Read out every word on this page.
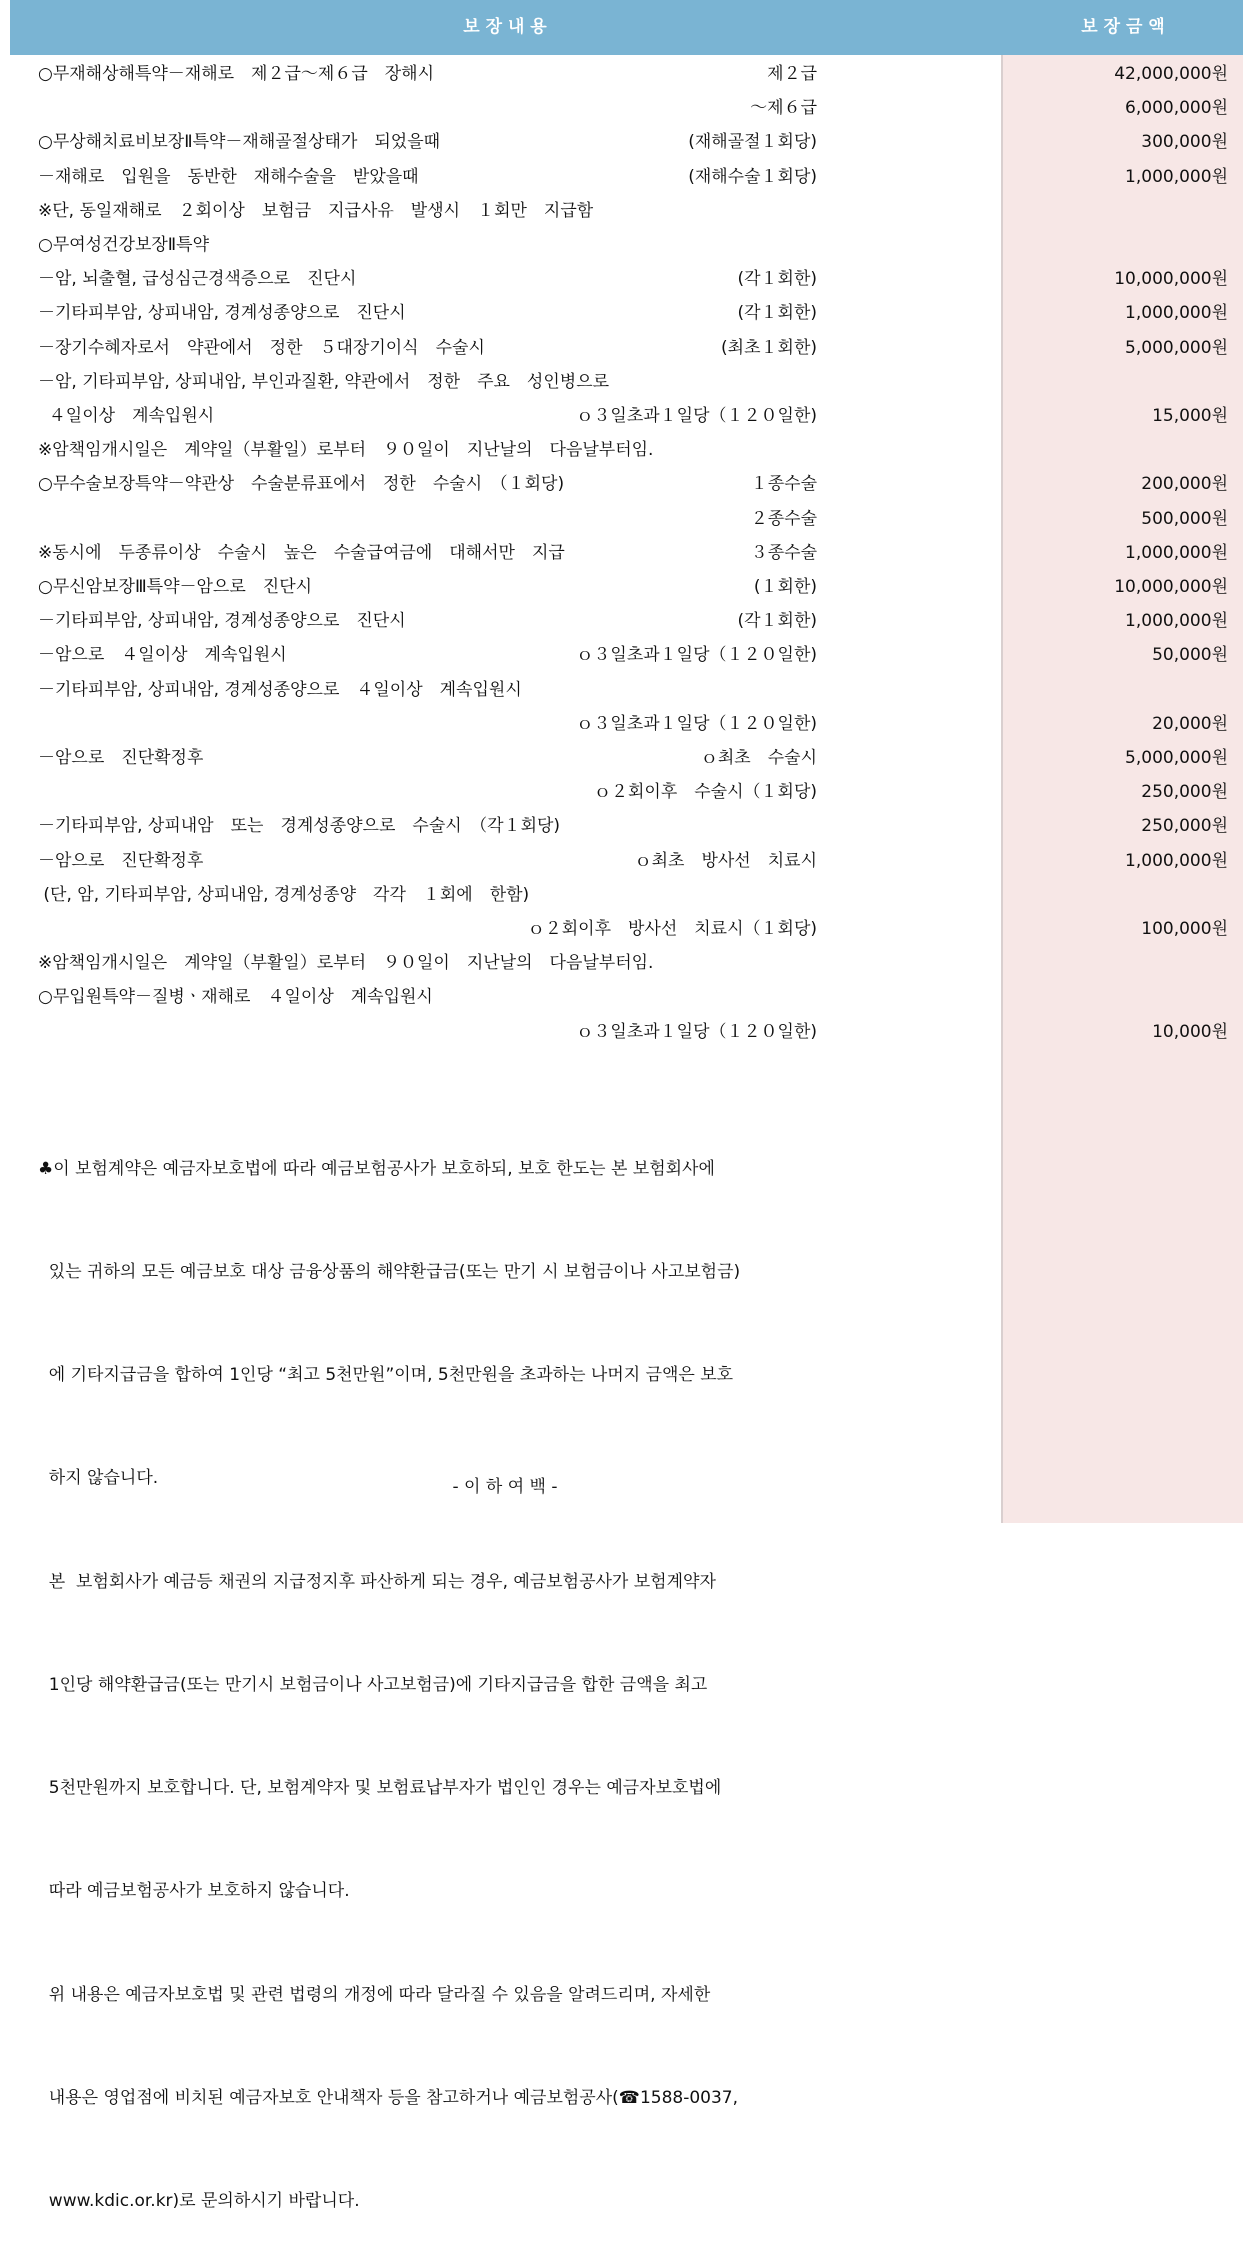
보 장 내 용	보 장 금 액
○무재해상해특약－재해로　제２급～제６급　장해시	제２급	42,000,000원
～제６급	6,000,000원
○무상해치료비보장Ⅱ특약－재해골절상태가　되었을때	(재해골절１회당)	300,000원
－재해로　입원을　동반한　재해수술을　받았을때	(재해수술１회당)	1,000,000원
※단, 동일재해로　２회이상　보험금　지급사유　발생시　１회만　지급함
○무여성건강보장Ⅱ특약
－암, 뇌출혈, 급성심근경색증으로　진단시	(각１회한)	10,000,000원
－기타피부암, 상피내암, 경계성종양으로　진단시	(각１회한)	1,000,000원
－장기수혜자로서　약관에서　정한　５대장기이식　수술시	(최초１회한)	5,000,000원
－암, 기타피부암, 상피내암, 부인과질환, 약관에서　정한　주요　성인병으로
４일이상　계속입원시	ｏ３일초과１일당（１２０일한)	15,000원
※암책임개시일은　계약일（부활일）로부터　９０일이　지난날의　다음날부터임.
○무수술보장특약－약관상　수술분류표에서　정한　수술시　（１회당)	１종수술	200,000원
２종수술	500,000원
※동시에　두종류이상　수술시　높은　수술급여금에　대해서만　지급	３종수술	1,000,000원
○무신암보장Ⅲ특약－암으로　진단시	(１회한)	10,000,000원
－기타피부암, 상피내암, 경계성종양으로　진단시	(각１회한)	1,000,000원
－암으로　４일이상　계속입원시	ｏ３일초과１일당（１２０일한)	50,000원
－기타피부암, 상피내암, 경계성종양으로　４일이상　계속입원시
ｏ３일초과１일당（１２０일한)	20,000원
－암으로　진단확정후	ｏ최초　수술시	5,000,000원
ｏ２회이후　수술시（１회당)	250,000원
－기타피부암, 상피내암　또는　경계성종양으로　수술시　（각１회당)	250,000원
－암으로　진단확정후	ｏ최초　방사선　치료시	1,000,000원
(단, 암, 기타피부암, 상피내암, 경계성종양　각각　１회에　한함)
ｏ２회이후　방사선　치료시（１회당)	100,000원
※암책임개시일은　계약일（부활일）로부터　９０일이　지난날의　다음날부터임.
○무입원특약－질병ㆍ재해로　４일이상　계속입원시
ｏ３일초과１일당（１２０일한)	10,000원

♣이 보험계약은 예금자보호법에 따라 예금보험공사가 보호하되, 보호 한도는 본 보험회사에

있는 귀하의 모든 예금보호 대상 금융상품의 해약환급금(또는 만기 시 보험금이나 사고보험금)

에 기타지급금을 합하여 1인당 “최고 5천만원”이며, 5천만원을 초과하는 나머지 금액은 보호

하지 않습니다.

본  보험회사가 예금등 채권의 지급정지후 파산하게 되는 경우, 예금보험공사가 보험계약자

1인당 해약환급금(또는 만기시 보험금이나 사고보험금)에 기타지급금을 합한 금액을 최고

5천만원까지 보호합니다. 단, 보험계약자 및 보험료납부자가 법인인 경우는 예금자보호법에

따라 예금보험공사가 보호하지 않습니다.

위 내용은 예금자보호법 및 관련 법령의 개정에 따라 달라질 수 있음을 알려드리며, 자세한

내용은 영업점에 비치된 예금자보호 안내책자 등을 참고하거나 예금보험공사(☎1588-0037,

www.kdic.or.kr)로 문의하시기 바랍니다.

- 이 하 여 백 -
